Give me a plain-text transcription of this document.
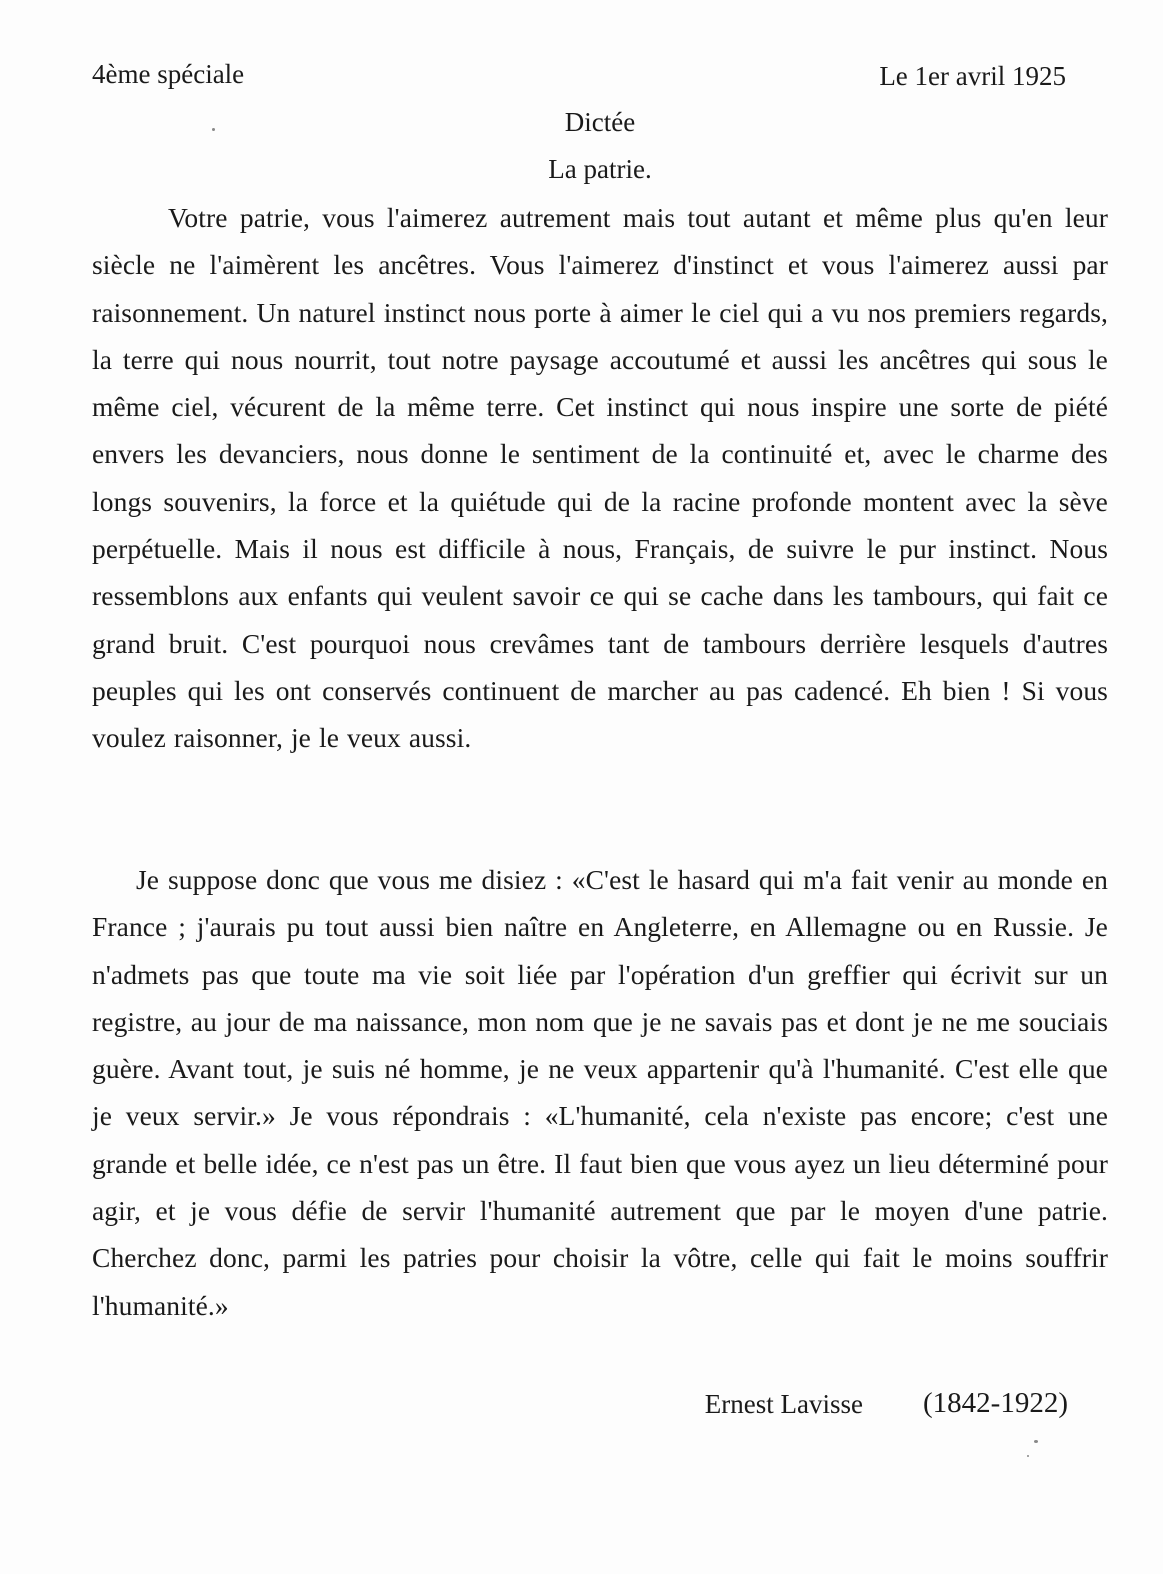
4ème spéciale	Le 1er avril 1925
Dictée
La patrie.
Votre patrie, vous l'aimerez autrement mais tout autant et même plus qu'en leur siècle ne l'aimèrent les ancêtres. Vous l'aimerez d'instinct et vous l'aimerez aussi par raisonnement. Un naturel instinct nous porte à aimer le ciel qui a vu nos premiers regards, la terre qui nous nourrit, tout notre paysage accoutumé et aussi les ancêtres qui sous le même ciel, vécurent de la même terre. Cet instinct qui nous inspire une sorte de piété envers les devanciers, nous donne le sentiment de la continuité et, avec le charme des longs souvenirs, la force et la quiétude qui de la racine profonde montent avec la sève perpétuelle. Mais il nous est difficile à nous, Français, de suivre le pur instinct. Nous ressemblons aux enfants qui veulent savoir ce qui se cache dans les tambours, qui fait ce grand bruit. C'est pourquoi nous crevâmes tant de tambours derrière lesquels d'autres peuples qui les ont conservés continuent de marcher au pas cadencé. Eh bien ! Si vous voulez raisonner, je le veux aussi.
Je suppose donc que vous me disiez : «C'est le hasard qui m'a fait venir au monde en France ; j'aurais pu tout aussi bien naître en Angleterre, en Allemagne ou en Russie. Je n'admets pas que toute ma vie soit liée par l'opération d'un greffier qui écrivit sur un registre, au jour de ma naissance, mon nom que je ne savais pas et dont je ne me souciais guère. Avant tout, je suis né homme, je ne veux appartenir qu'à l'humanité. C'est elle que je veux servir.» Je vous répondrais : «L'humanité, cela n'existe pas encore; c'est une grande et belle idée, ce n'est pas un être. Il faut bien que vous ayez un lieu déterminé pour agir, et je vous défie de servir l'humanité autrement que par le moyen d'une patrie. Cherchez donc, parmi les patries pour choisir la vôtre, celle qui fait le moins souffrir l'humanité.»
Ernest Lavisse (1842-1922)
